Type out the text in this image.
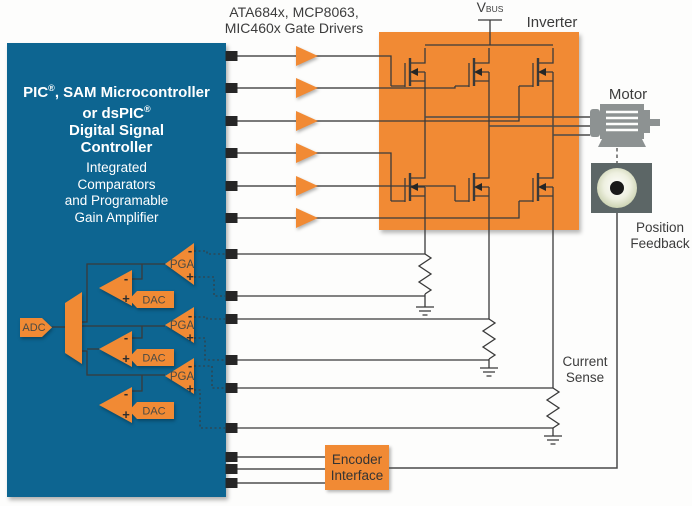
Encoder
Interface
PIC®, SAM Microcontroller
or dsPIC®
Digital Signal
Controller
Integrated
Comparators
and Programable
Gain Amplifier
ATA684x, MCP8063,
MIC460x Gate Drivers
VBUS
Inverter
Motor
Position
Feedback
Current
Sense
ADC
DAC
DAC
DAC
PGA
PGA
PGA
-
+
-
+
-
+
-
+
-
+
-
+
